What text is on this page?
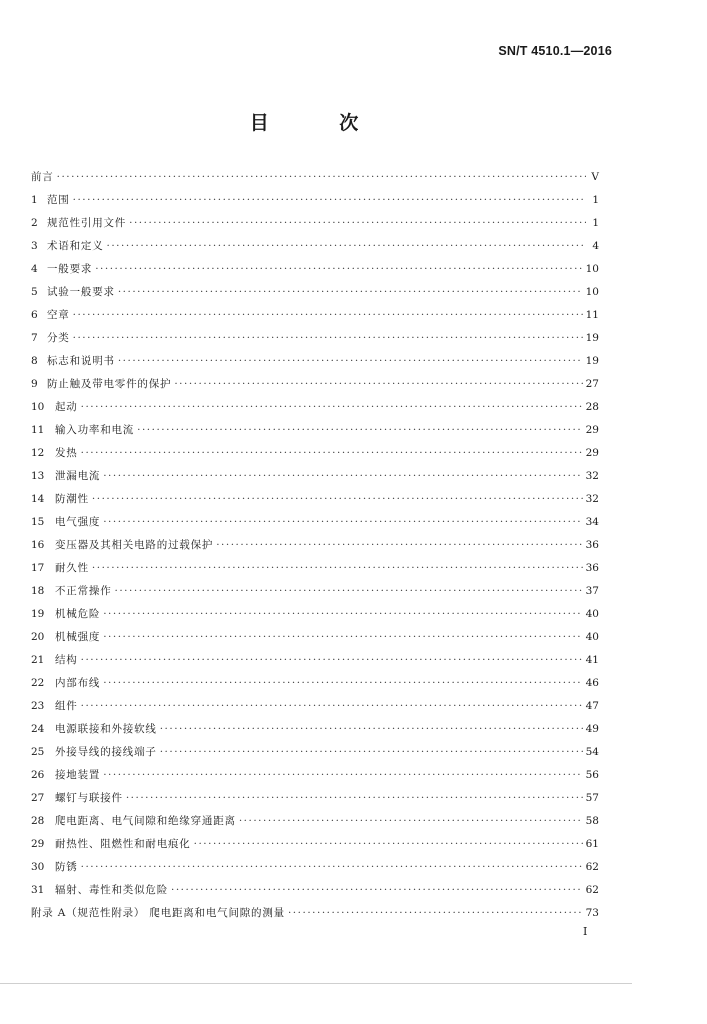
SN/T 4510.1—2016
目 次
前言 ·····	V
1 范围 ·····	1
2 规范性引用文件 ·····	1
3 术语和定义 ·····	4
4 一般要求 ·····	10
5 试验一般要求 ·····	10
6 空章 ·····	11
7 分类 ·····	19
8 标志和说明书 ·····	19
9 防止触及带电零件的保护 ·····	27
10	起动 ·····	28
11	输入功率和电流 ·····	29
12	发热 ·····	29
13	泄漏电流 ·····	32
14	防潮性 ·····	32
15	电气强度 ·····	34
16	变压器及其相关电路的过载保护 ·····	36
17	耐久性 ·····	36
18	不正常操作 ·····	37
19	机械危险 ·····	40
20	机械强度 ·····	40
21	结构 ·····	41
22	内部布线 ·····	46
23	组件 ·····	47
24	电源联接和外接软线 ·····	49
25	外接导线的接线端子 ·····	54
26	接地装置 ·····	56
27	螺钉与联接件 ·····	57
28	爬电距离、电气间隙和绝缘穿通距离 ·····	58
29	耐热性、阻燃性和耐电痕化 ·····	61
30	防锈 ·····	62
31	辐射、毒性和类似危险 ·····	62
附录 A（规范性附录） 爬电距离和电气间隙的测量 ·····	73
I
